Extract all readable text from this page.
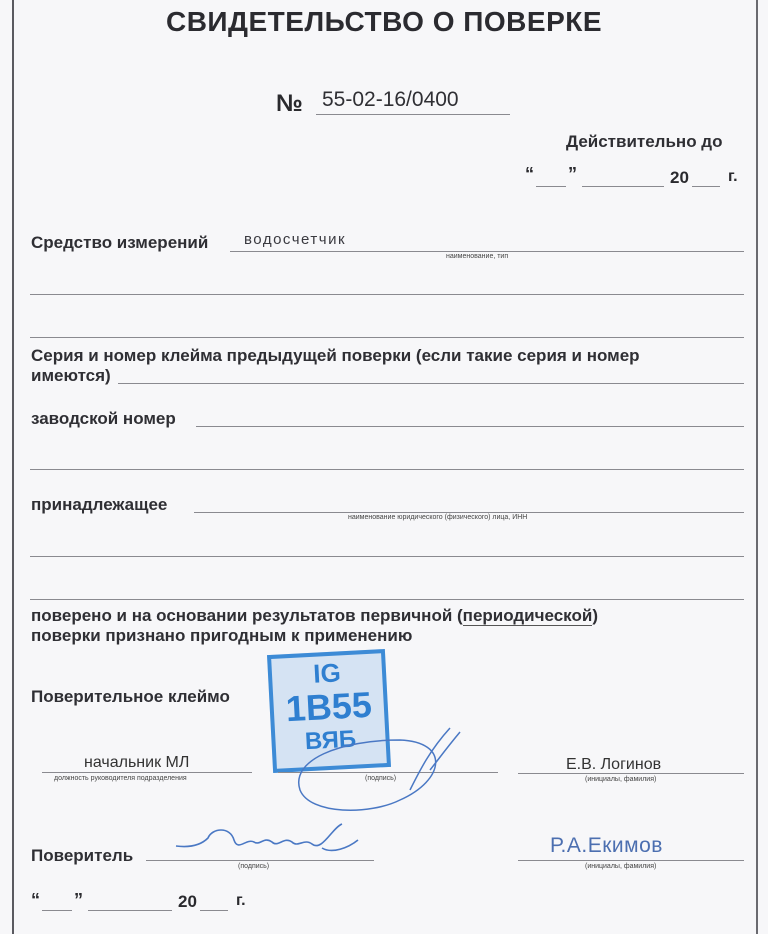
СВИДЕТЕЛЬСТВО О ПОВЕРКЕ
№ 55-02-16/0400
Действительно до
“ ”	20 г.
Средство измерений водосчетчик
наименование, тип
Серия и номер клейма предыдущей поверки (если такие серия и номер
имеются)
заводской номер
принадлежащее
наименование юридического (физического) лица, ИНН
поверено и на основании результатов первичной (периодической)
поверки признано пригодным к применению
Поверительное клеймо
IG
1B55
ВЯБ
начальник МЛ
должность руководителя подразделения	(подпись)
Е.В. Логинов
(инициалы, фамилия)
Поверитель
(подпись)
Р.А.Екимов
(инициалы, фамилия)
“ ”	20 г.
